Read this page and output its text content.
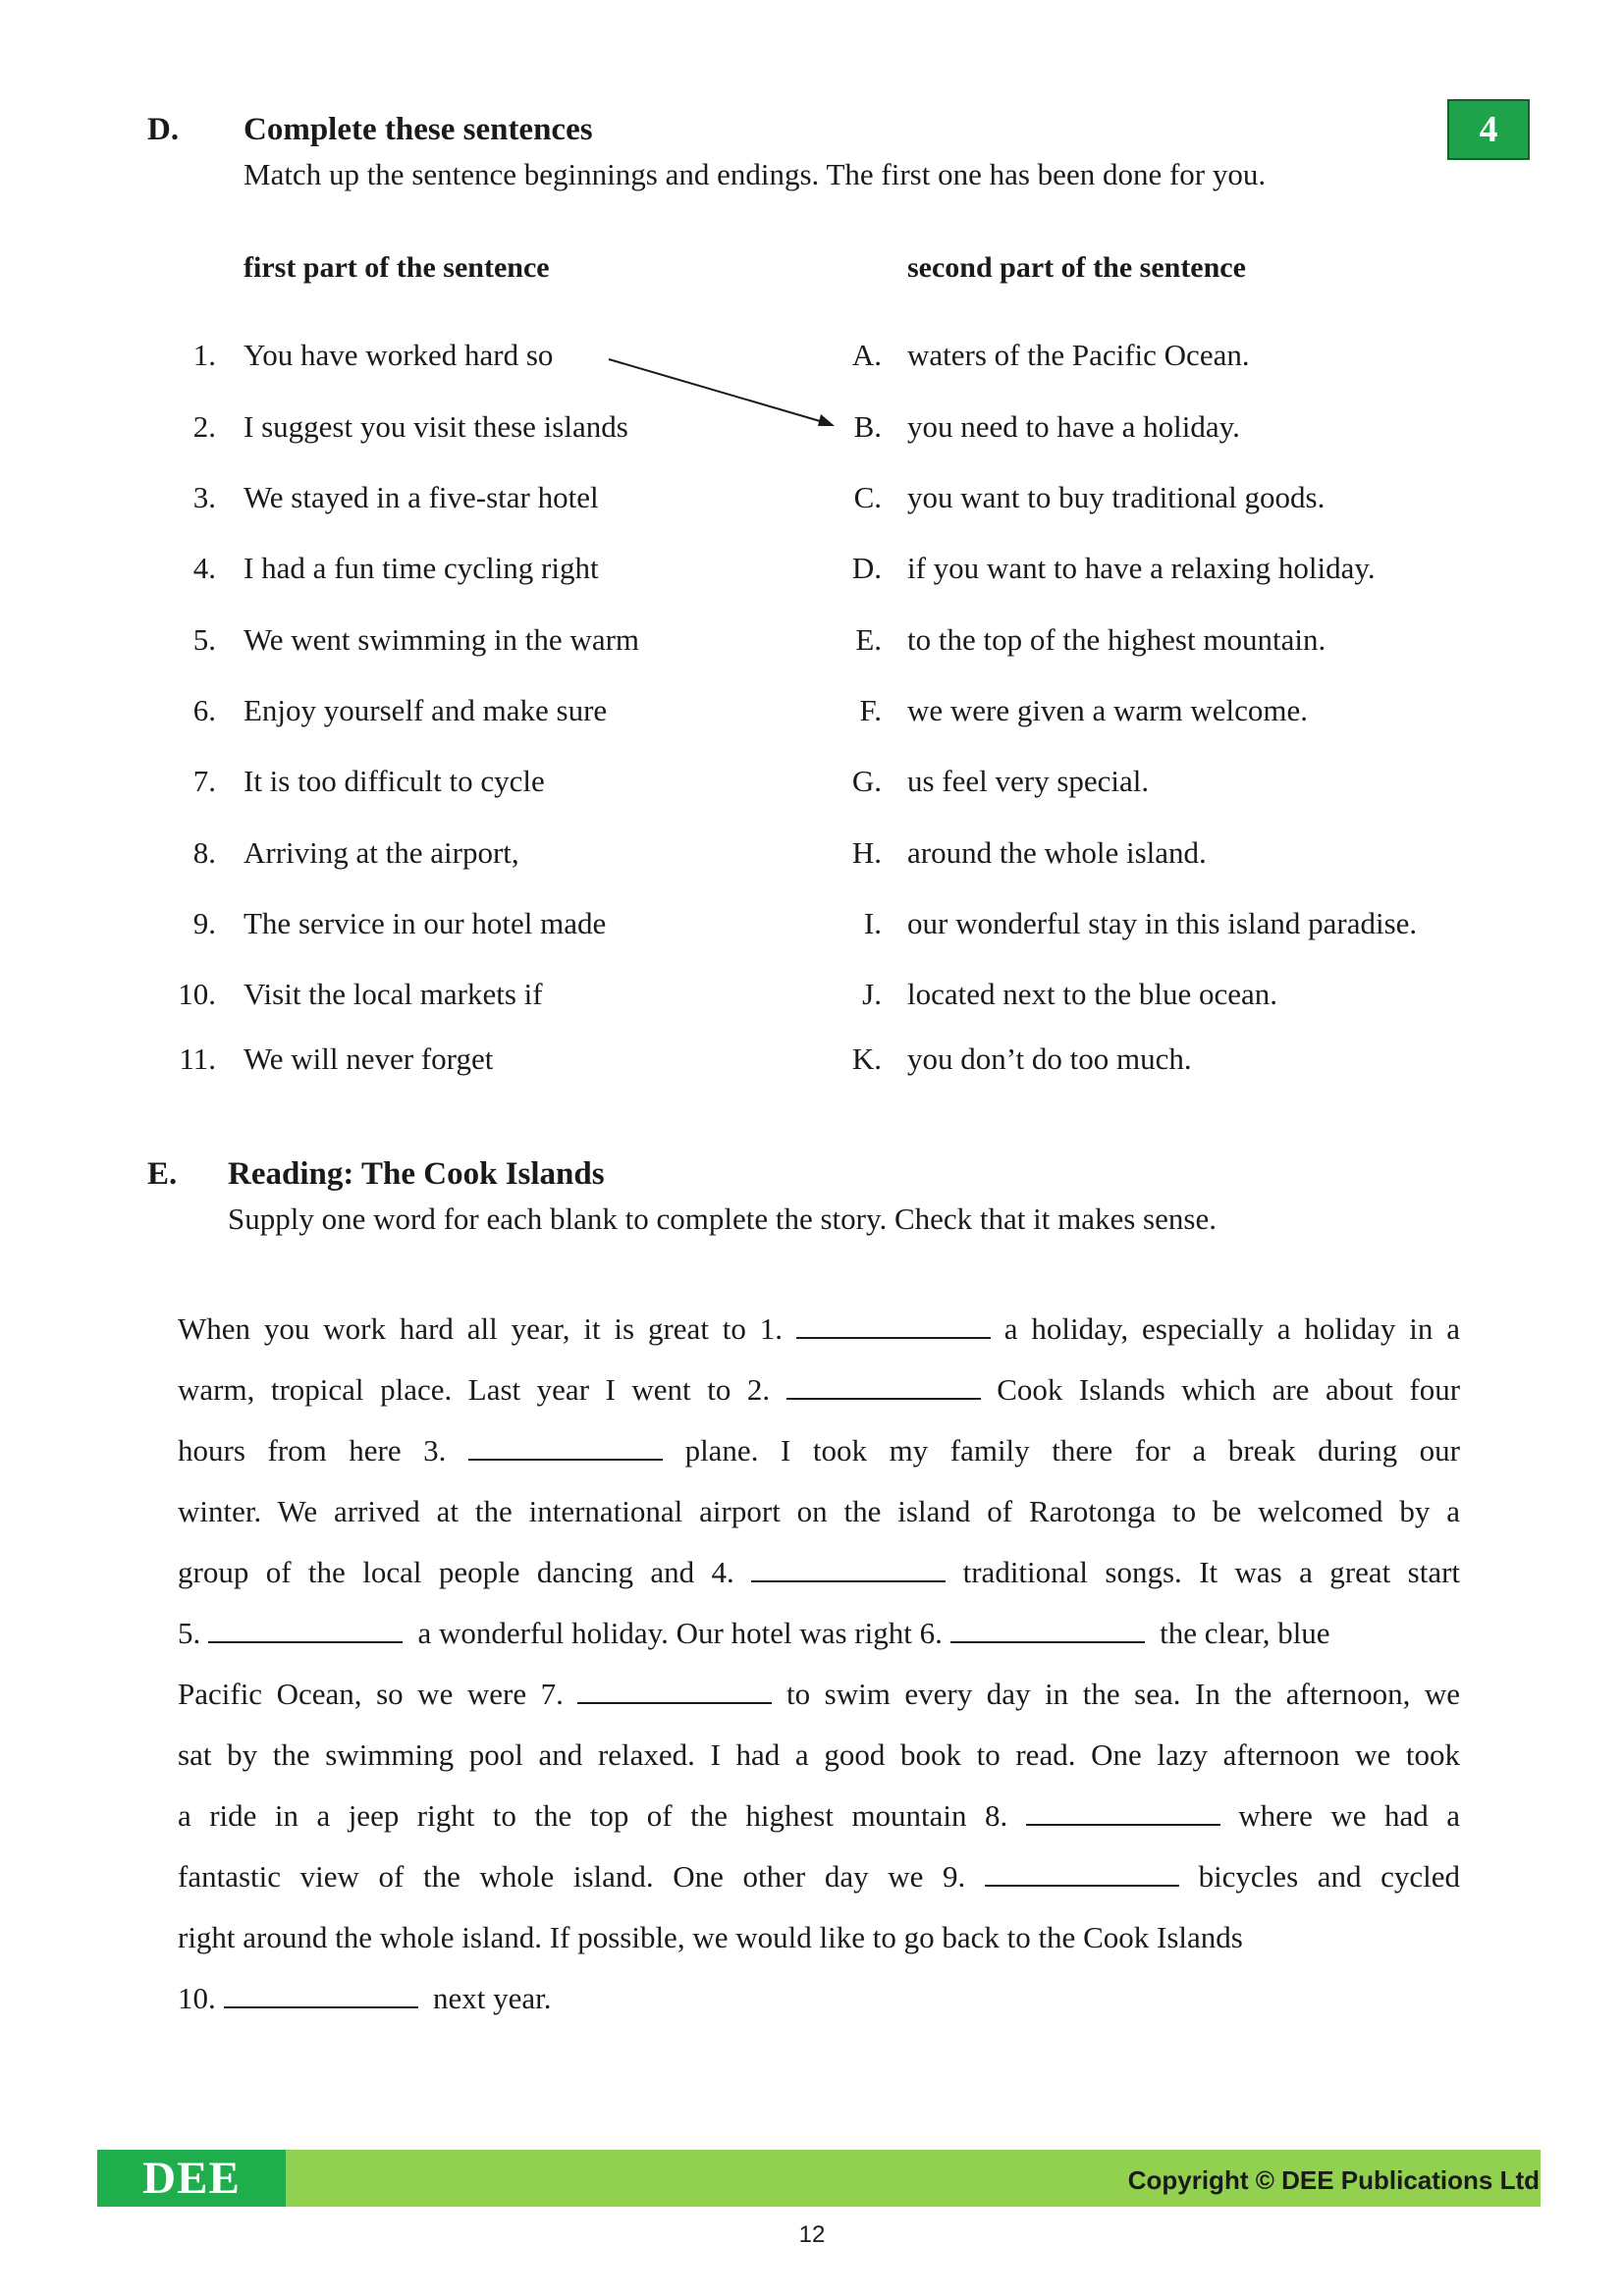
4
D. Complete these sentences
Match up the sentence beginnings and endings. The first one has been done for you.
first part of the sentence	second part of the sentence
1. You have worked hard so	A. waters of the Pacific Ocean.
2. I suggest you visit these islands	B. you need to have a holiday.
3. We stayed in a five-star hotel	C. you want to buy traditional goods.
4. I had a fun time cycling right	D. if you want to have a relaxing holiday.
5. We went swimming in the warm	E. to the top of the highest mountain.
6. Enjoy yourself and make sure	F. we were given a warm welcome.
7. It is too difficult to cycle	G. us feel very special.
8. Arriving at the airport,	H. around the whole island.
9. The service in our hotel made	I. our wonderful stay in this island paradise.
10. Visit the local markets if	J. located next to the blue ocean.
11. We will never forget	K. you don’t do too much.
E. Reading: The Cook Islands
Supply one word for each blank to complete the story. Check that it makes sense.
When you work hard all year, it is great to 1.	a holiday, especially a holiday in a
warm, tropical place. Last year I went to 2.	Cook Islands which are about four
hours from here 3.	plane. I took my family there for a break during our
winter. We arrived at the international airport on the island of Rarotonga to be welcomed by a
group of the local people dancing and 4.	traditional songs. It was a great start
5.	a wonderful holiday. Our hotel was right 6.	the clear, blue
Pacific Ocean, so we were 7.	to swim every day in the sea. In the afternoon, we
sat by the swimming pool and relaxed. I had a good book to read. One lazy afternoon we took
a ride in a jeep right to the top of the highest mountain 8.	where we had a
fantastic view of the whole island. One other day we 9.	bicycles and cycled
right around the whole island. If possible, we would like to go back to the Cook Islands
10.	next year.
DEE	Copyright © DEE Publications Ltd
12
